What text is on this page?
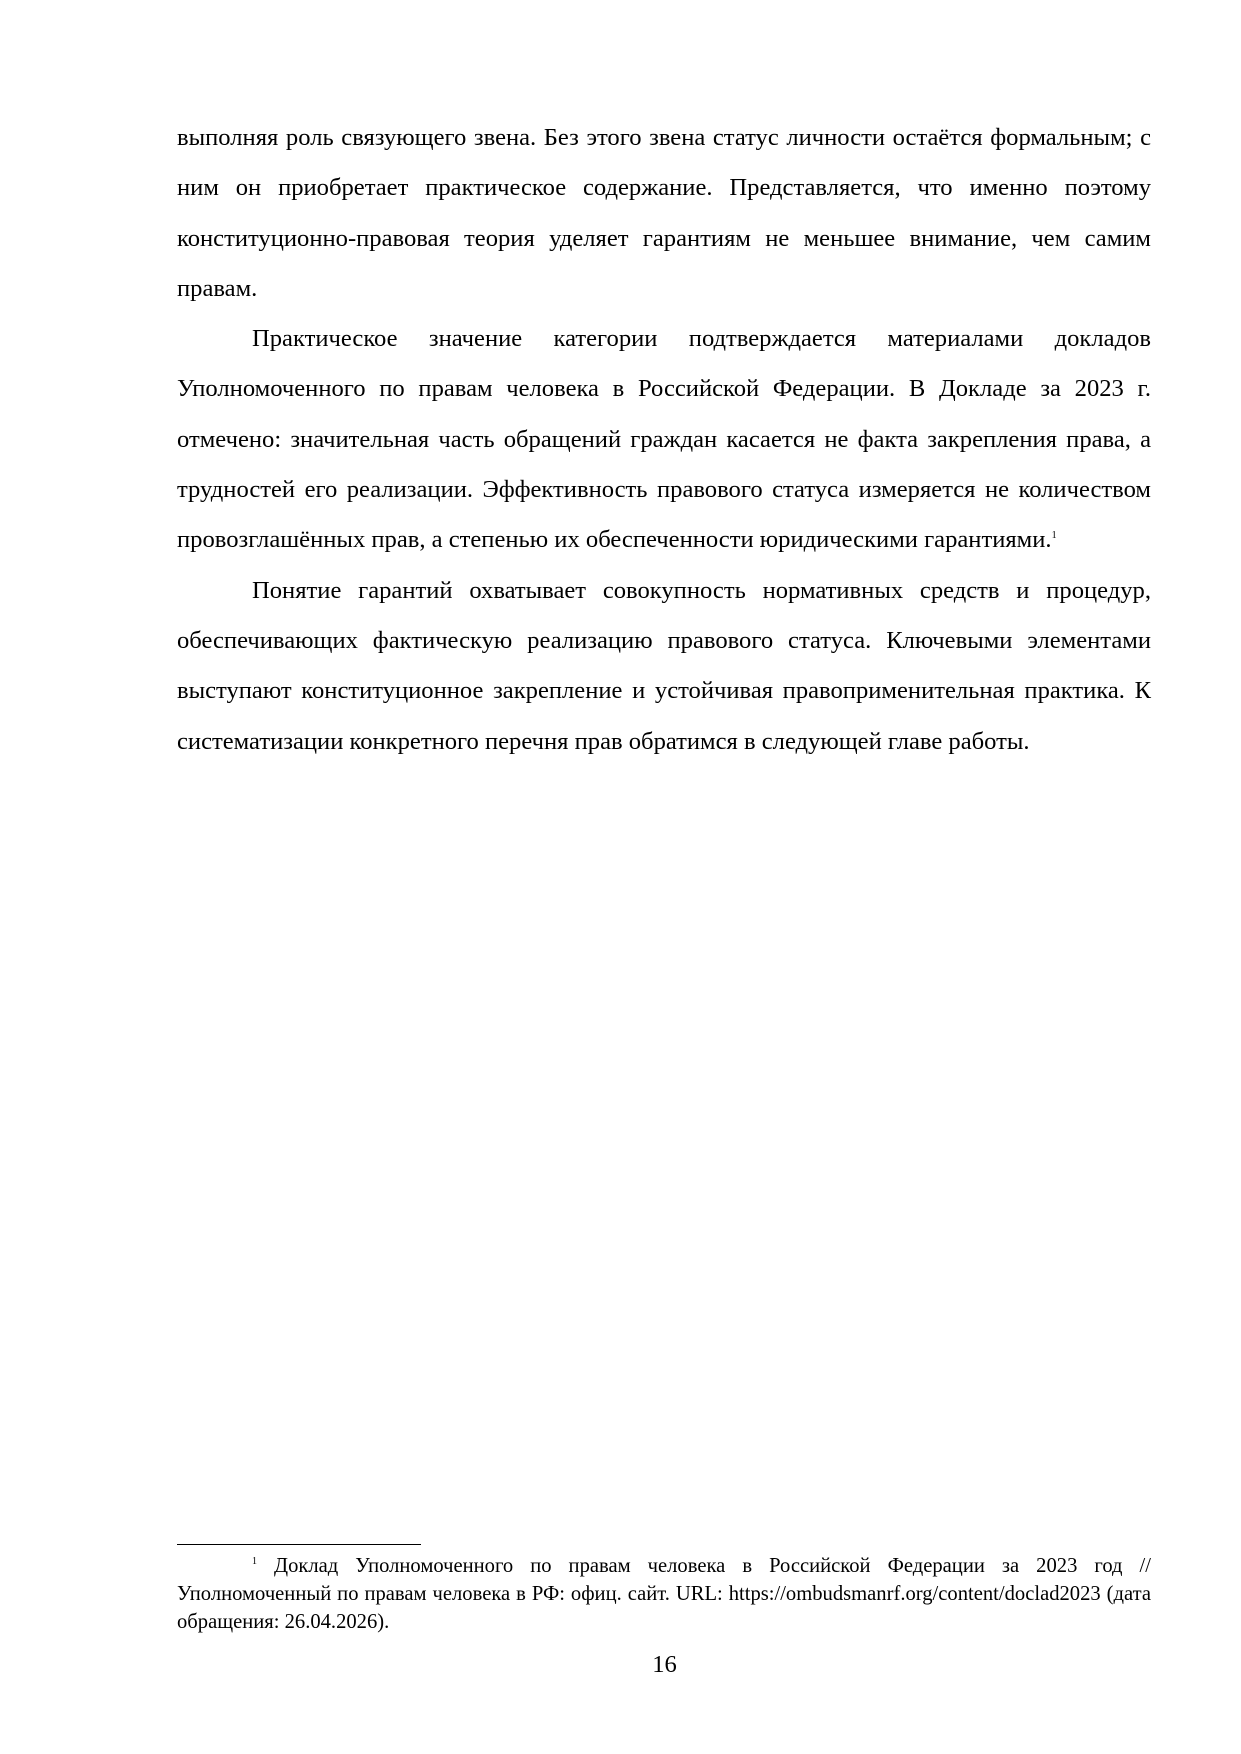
выполняя роль связующего звена. Без этого звена статус личности остаётся формальным; с ним он приобретает практическое содержание. Представляется, что именно поэтому конституционно-правовая теория уделяет гарантиям не меньшее внимание, чем самим правам.

Практическое значение категории подтверждается материалами докладов Уполномоченного по правам человека в Российской Федерации. В Докладе за 2023 г. отмечено: значительная часть обращений граждан касается не факта закрепления права, а трудностей его реализации. Эффективность правового статуса измеряется не количеством провозглашённых прав, а степенью их обеспеченности юридическими гарантиями.$^1$

Понятие гарантий охватывает совокупность нормативных средств и процедур, обеспечивающих фактическую реализацию правового статуса. Ключевыми элементами выступают конституционное закрепление и устойчивая правоприменительная практика. К систематизации конкретного перечня прав обратимся в следующей главе работы.

$^1$ Доклад Уполномоченного по правам человека в Российской Федерации за 2023 год // Уполномоченный по правам человека в РФ: офиц. сайт. URL: https://ombudsmanrf.org/content/doclad2023 (дата обращения: 26.04.2026).

16
